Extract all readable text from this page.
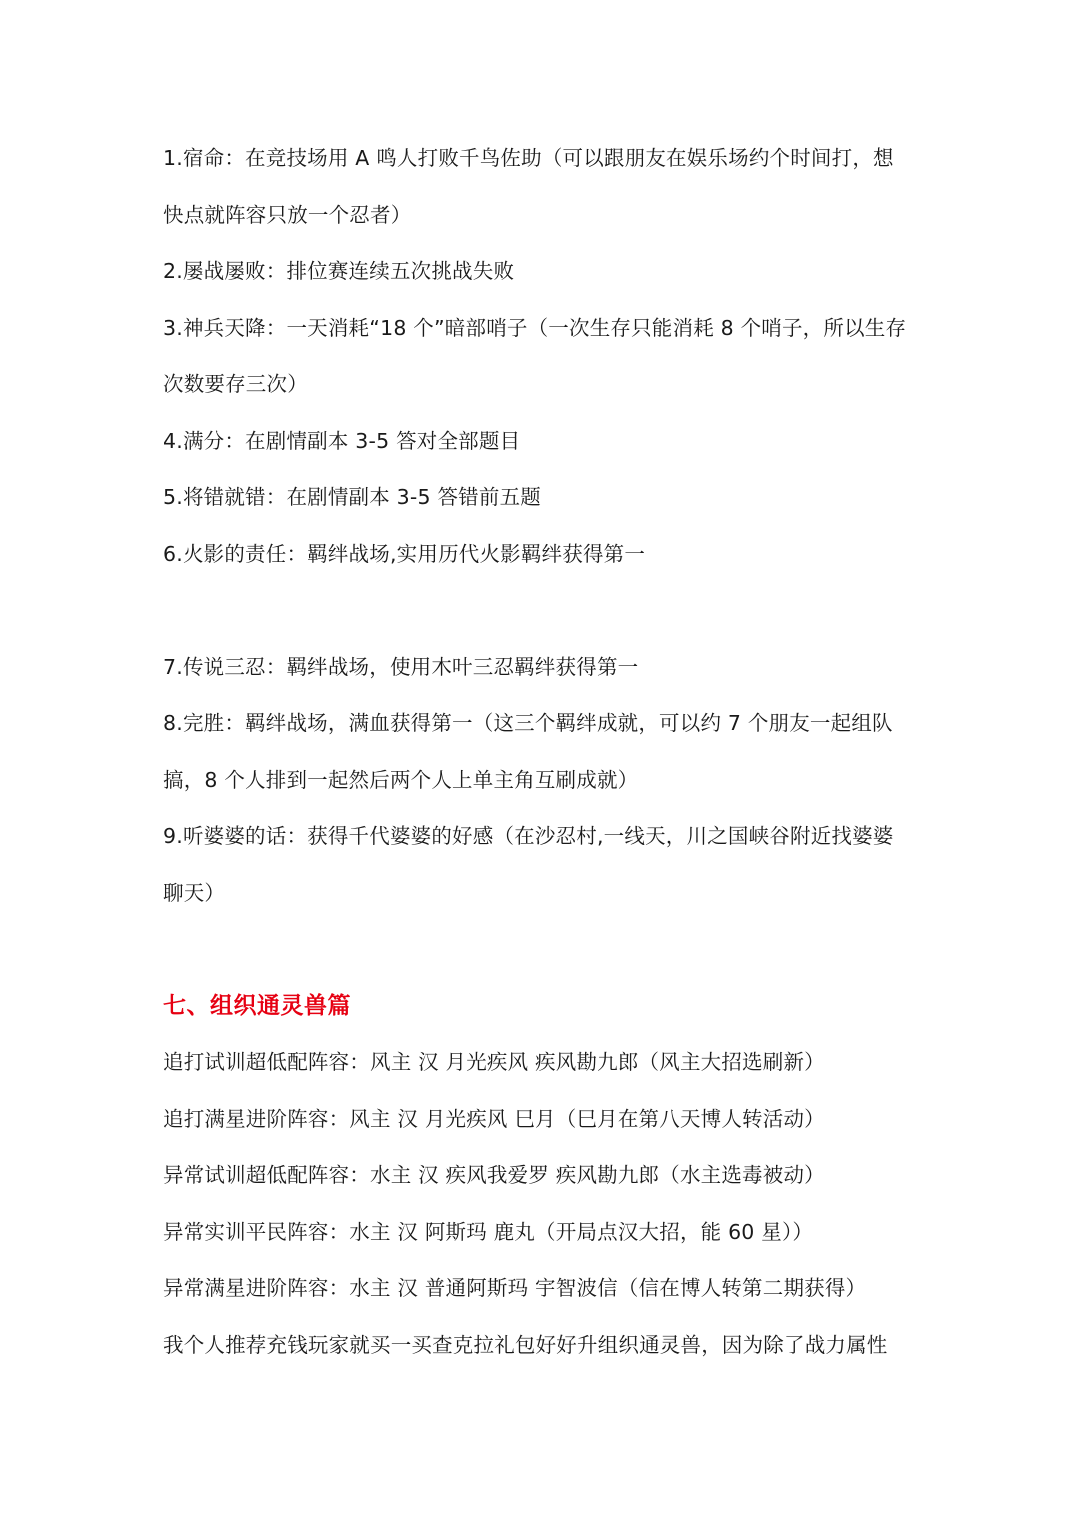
1.宿命：在竞技场用 A 鸣人打败千鸟佐助（可以跟朋友在娱乐场约个时间打，想
快点就阵容只放一个忍者）
2.屡战屡败：排位赛连续五次挑战失败
3.神兵天降：一天消耗“18 个”暗部哨子（一次生存只能消耗 8 个哨子，所以生存
次数要存三次）
4.满分：在剧情副本 3-5 答对全部题目
5.将错就错：在剧情副本 3-5 答错前五题
6.火影的责任：羁绊战场,实用历代火影羁绊获得第一
7.传说三忍：羁绊战场，使用木叶三忍羁绊获得第一
8.完胜：羁绊战场，满血获得第一（这三个羁绊成就，可以约 7 个朋友一起组队
搞，8 个人排到一起然后两个人上单主角互刷成就）
9.听婆婆的话：获得千代婆婆的好感（在沙忍村,一线天，川之国峡谷附近找婆婆
聊天）
七、组织通灵兽篇
追打试训超低配阵容：风主 汉 月光疾风 疾风勘九郎（风主大招选刷新）
追打满星进阶阵容：风主 汉 月光疾风 巳月（巳月在第八天博人转活动）
异常试训超低配阵容：水主 汉 疾风我爱罗 疾风勘九郎（水主选毒被动）
异常实训平民阵容：水主 汉 阿斯玛 鹿丸（开局点汉大招，能 60 星））
异常满星进阶阵容：水主 汉 普通阿斯玛 宇智波信（信在博人转第二期获得）
我个人推荐充钱玩家就买一买查克拉礼包好好升组织通灵兽，因为除了战力属性
